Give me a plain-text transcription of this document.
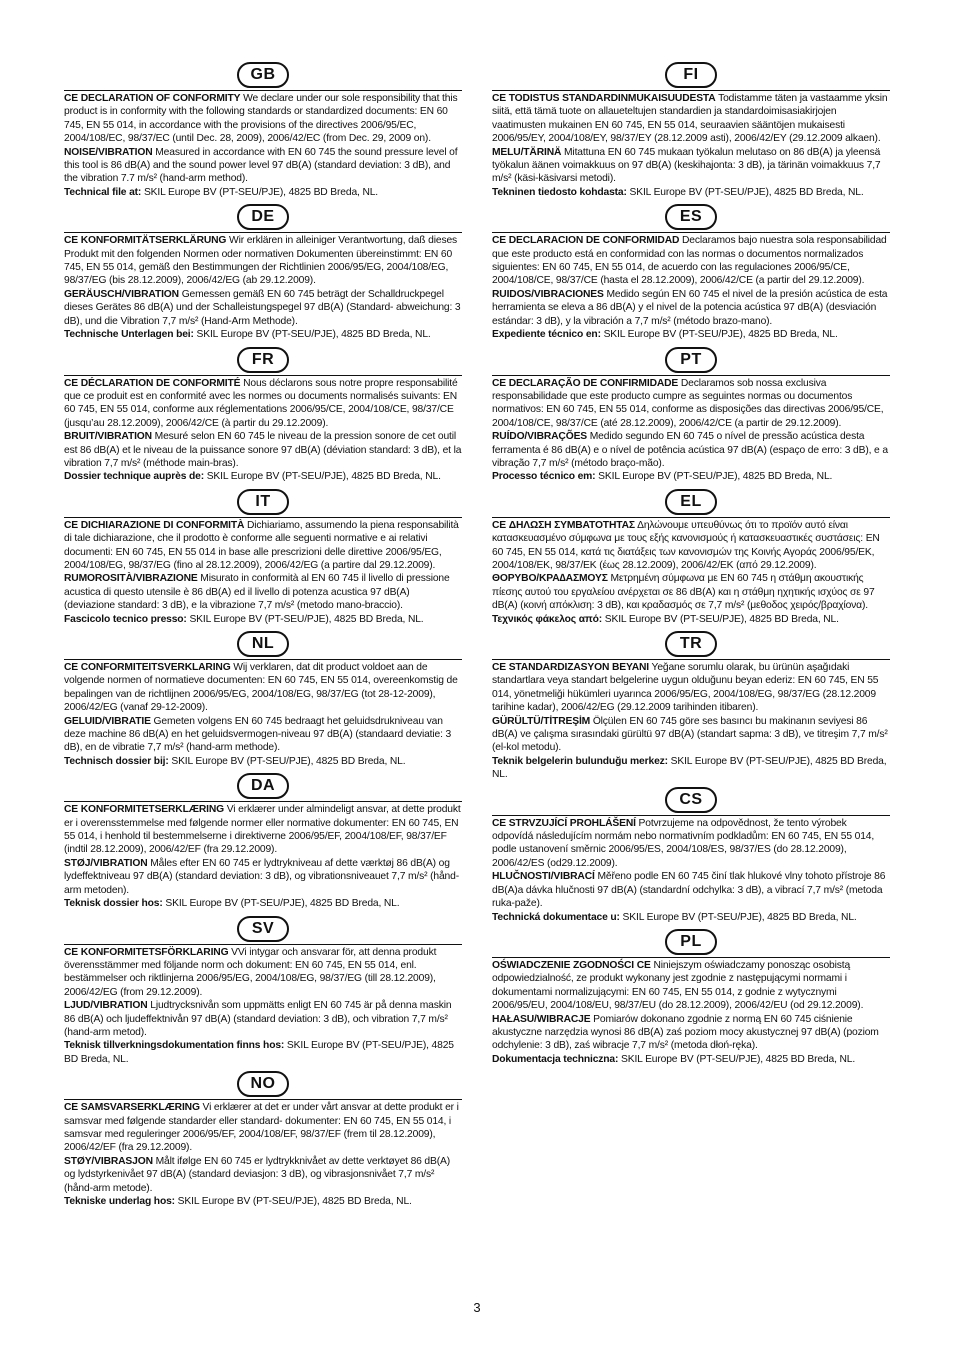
GB

CE DECLARATION OF CONFORMITY We declare under our sole responsibility that this product is in conformity with the following standards or standardized documents: EN 60 745, EN 55 014, in accordance with the provisions of the directives 2006/95/EC, 2004/108/EC, 98/37/EC (until Dec. 28, 2009), 2006/42/EC (from Dec. 29, 2009 on).
NOISE/VIBRATION Measured in accordance with EN 60 745 the sound pressure level of this tool is 86 dB(A) and the sound power level 97 dB(A) (standard deviation: 3 dB), and the vibration 7.7 m/s² (hand-arm method).
Technical file at: SKIL Europe BV (PT-SEU/PJE), 4825 BD Breda, NL.

DE

CE KONFORMITÄTSERKLÄRUNG Wir erklären in alleiniger Verantwortung, daß dieses Produkt mit den folgenden Normen oder normativen Dokumenten übereinstimmt: EN 60 745, EN 55 014, gemäß den Bestimmungen der Richtlinien 2006/95/EG, 2004/108/EG, 98/37/EG (bis 28.12.2009), 2006/42/EG (ab 29.12.2009).
GERÄUSCH/VIBRATION Gemessen gemäß EN 60 745 beträgt der Schalldruckpegel dieses Gerätes 86 dB(A) und der Schalleistungspegel 97 dB(A) (Standard- abweichung: 3 dB), und die Vibration 7,7 m/s² (Hand-Arm Methode).
Technische Unterlagen bei: SKIL Europe BV (PT-SEU/PJE), 4825 BD Breda, NL.

FR

CE DÉCLARATION DE CONFORMITÉ Nous déclarons sous notre propre responsabilité que ce produit est en conformité avec les normes ou documents normalisés suivants: EN 60 745, EN 55 014, conforme aux réglementations 2006/95/CE, 2004/108/CE, 98/37/CE (jusqu’au 28.12.2009), 2006/42/CE (à partir du 29.12.2009).
BRUIT/VIBRATION Mesuré selon EN 60 745 le niveau de la pression sonore de cet outil est 86 dB(A) et le niveau de la puissance sonore 97 dB(A) (déviation standard: 3 dB), et la vibration 7,7 m/s² (méthode main-bras).
Dossier technique auprès de: SKIL Europe BV (PT-SEU/PJE), 4825 BD Breda, NL.

IT

CE DICHIARAZIONE DI CONFORMITÀ Dichiariamo, assumendo la piena responsabilità di tale dichiarazione, che il prodotto è conforme alle seguenti normative e ai relativi documenti: EN 60 745, EN 55 014 in base alle prescrizioni delle direttive 2006/95/EG, 2004/108/EG, 98/37/EG (fino al 28.12.2009), 2006/42/EG (a partire dal 29.12.2009).
RUMOROSITÀ/VIBRAZIONE Misurato in conformità al EN 60 745 il livello di pressione acustica di questo utensile è 86 dB(A) ed il livello di potenza acustica 97 dB(A) (deviazione standard: 3 dB), e la vibrazione 7,7 m/s² (metodo mano-braccio).
Fascicolo tecnico presso: SKIL Europe BV (PT-SEU/PJE), 4825 BD Breda, NL.

NL

CE CONFORMITEITSVERKLARING Wij verklaren, dat dit product voldoet aan de volgende normen of normatieve documenten: EN 60 745, EN 55 014, overeenkomstig de bepalingen van de richtlijnen 2006/95/EG, 2004/108/EG, 98/37/EG (tot 28-12-2009), 2006/42/EG (vanaf 29-12-2009).
GELUID/VIBRATIE Gemeten volgens EN 60 745 bedraagt het geluidsdrukniveau van deze machine 86 dB(A) en het geluidsvermogen-niveau 97 dB(A) (standaard deviatie: 3 dB), en de vibratie 7,7 m/s² (hand-arm methode).
Technisch dossier bij: SKIL Europe BV (PT-SEU/PJE), 4825 BD Breda, NL.

DA

CE KONFORMITETSERKLÆRING Vi erklærer under almindeligt ansvar, at dette produkt er i overensstemmelse med følgende normer eller normative dokumenter: EN 60 745, EN 55 014, i henhold til bestemmelserne i direktiverne 2006/95/EF, 2004/108/EF, 98/37/EF (indtil 28.12.2009), 2006/42/EF (fra 29.12.2009).
STØJ/VIBRATION Måles efter EN 60 745 er lydtrykniveau af dette værktøj 86 dB(A) og lydeffektniveau 97 dB(A) (standard deviation: 3 dB), og vibrationsniveauet 7,7 m/s² (hånd-arm metoden).
Teknisk dossier hos: SKIL Europe BV (PT-SEU/PJE), 4825 BD Breda, NL.

SV

CE KONFORMITETSFÖRKLARING VVi intygar och ansvarar för, att denna produkt överensstämmer med följande norm och dokument: EN 60 745, EN 55 014, enl. bestämmelser och riktlinjerna 2006/95/EG, 2004/108/EG, 98/37/EG (till 28.12.2009), 2006/42/EG (from 29.12.2009).
LJUD/VIBRATION Ljudtrycksnivån som uppmätts enligt EN 60 745 är på denna maskin 86 dB(A) och ljudeffektnivån 97 dB(A) (standard deviation: 3 dB), och vibration 7,7 m/s² (hand-arm metod).
Teknisk tillverkningsdokumentation finns hos: SKIL Europe BV (PT-SEU/PJE), 4825 BD Breda, NL.

NO

CE SAMSVARSERKLÆRING Vi erklærer at det er under vårt ansvar at dette produkt er i samsvar med følgende standarder eller standard- dokumenter: EN 60 745, EN 55 014, i samsvar med reguleringer 2006/95/EF, 2004/108/EF, 98/37/EF (frem til 28.12.2009), 2006/42/EF (fra 29.12.2009).
STØY/VIBRASJON Målt ifølge EN 60 745 er lydtrykknivået av dette verktøyet 86 dB(A) og lydstyrkenivået 97 dB(A) (standard deviasjon: 3 dB), og vibrasjonsnivået 7,7 m/s² (hånd-arm metode).
Tekniske underlag hos: SKIL Europe BV (PT-SEU/PJE), 4825 BD Breda, NL.

FI

CE TODISTUS STANDARDINMUKAISUUDESTA Todistamme täten ja vastaamme yksin siitä, että tämä tuote on allaueteltujen standardien ja standardoimisasiakirjojen vaatimusten mukainen EN 60 745, EN 55 014, seuraavien sääntöjen mukaisesti 2006/95/EY, 2004/108/EY, 98/37/EY (28.12.2009 asti), 2006/42/EY (29.12.2009 alkaen).
MELU/TÄRINÄ Mitattuna EN 60 745 mukaan työkalun melutaso on 86 dB(A) ja yleensä työkalun äänen voimakkuus on 97 dB(A) (keskihajonta: 3 dB), ja tärinän voimakkuus 7,7 m/s² (käsi-käsivarsi metodi).
Tekninen tiedosto kohdasta: SKIL Europe BV (PT-SEU/PJE), 4825 BD Breda, NL.

ES

CE DECLARACION DE CONFORMIDAD Declaramos bajo nuestra sola responsabilidad que este producto está en conformidad con las normas o documentos normalizados siguientes: EN 60 745, EN 55 014, de acuerdo con las regulaciones 2006/95/CE, 2004/108/CE, 98/37/CE (hasta el 28.12.2009), 2006/42/CE (a partir del 29.12.2009).
RUIDOS/VIBRACIONES Medido según EN 60 745 el nivel de la presión acústica de esta herramienta se eleva a 86 dB(A) y el nivel de la potencia acústica 97 dB(A) (desviación estándar: 3 dB), y la vibración a 7,7 m/s² (método brazo-mano).
Expediente técnico en: SKIL Europe BV (PT-SEU/PJE), 4825 BD Breda, NL.

PT

CE DECLARAÇÃO DE CONFIRMIDADE Declaramos sob nossa exclusiva responsabilidade que este producto cumpre as seguintes normas ou documentos normativos: EN 60 745, EN 55 014, conforme as disposições das directivas 2006/95/CE, 2004/108/CE, 98/37/CE (até 28.12.2009), 2006/42/CE (a partir de 29.12.2009).
RUÍDO/VIBRAÇÕES Medido segundo EN 60 745 o nível de pressão acústica desta ferramenta é 86 dB(A) e o nível de potência acústica 97 dB(A) (espaço de erro: 3 dB), e a vibração 7,7 m/s² (método braço-mão).
Processo técnico em: SKIL Europe BV (PT-SEU/PJE), 4825 BD Breda, NL.

EL

CE ΔΗΛΩΣΗ ΣΥΜΒΑΤΟΤΗΤΑΣ Δηλώνουμε υπευθύνως ότι το προϊόν αυτό είναι κατασκευασμένο σύμφωνα με τους εξής κανονισμούς ή κατασκευαστικές συστάσεις: EN 60 745, EN 55 014, κατά τις διατάξεις των κανονισμών της Κοινής Αγοράς 2006/95/ΕΚ, 2004/108/ΕΚ, 98/37/ΕΚ (έως 28.12.2009), 2006/42/ΕΚ (από 29.12.2009).
ΘΟΡΥΒΟ/ΚΡΑ∆ΑΣΜΟΥΣ Μετρημένη σύμφωνα με EN 60 745 η στάθμη ακουστικής πίεσης αυτού του εργαλείου ανέρχεται σε 86 dB(A) και η στάθμη ηχητικής ισχύος σε 97 dB(A) (κοινή απόκλιση: 3 dB), και κραδασμός σε 7,7 m/s² (μεθοδος χειρός/βραχίονα).
Τεχνικός φάκελος από: SKIL Europe BV (PT-SEU/PJE), 4825 BD Breda, NL.

TR

CE STANDARDIZASYON BEYANI Yeğane sorumlu olarak, bu ürünün aşağıdaki standartlara veya standart belgelerine uygun olduğunu beyan ederiz: EN 60 745, EN 55 014, yönetmeliği hükümleri uyarınca 2006/95/EG, 2004/108/EG, 98/37/EG (28.12.2009 tarihine kadar), 2006/42/EG (29.12.2009 tarihinden itibaren).
GÜRÜLTÜ/TİTREŞİM Ölçülen EN 60 745 göre ses basıncı bu makinanın seviyesi 86 dB(A) ve çalışma sırasındaki gürültü 97 dB(A) (standart sapma: 3 dB), ve titreşim 7,7 m/s² (el-kol metodu).
Teknik belgelerin bulunduğu merkez: SKIL Europe BV (PT-SEU/PJE), 4825 BD Breda, NL.

CS

CE STRVZUJÍCÍ PROHLÁŠENÍ Potvrzujeme na odpovědnost, že tento výrobek odpovídá následujícím normám nebo normativním podkladům: EN 60 745, EN 55 014, podle ustanovení směrnic 2006/95/ES, 2004/108/ES, 98/37/ES (do 28.12.2009), 2006/42/ES (od29.12.2009).
HLUČNOSTI/VIBRACÍ Měřeno podle EN 60 745 činí tlak hlukové vlny tohoto přístroje 86 dB(A)a dávka hlučnosti 97 dB(A) (standardní odchylka: 3 dB), a vibrací 7,7 m/s² (metoda ruka-paže).
Technická dokumentace u: SKIL Europe BV (PT-SEU/PJE), 4825 BD Breda, NL.

PL

OŚWIADCZENIE ZGODNOŚCI CE Niniejszym oświadczamy ponosząc osobistą odpowiedzialność, ze produkt wykonany jest zgodnie z następującymi normami i dokumentami normalizującymi: EN 60 745, EN 55 014, z godnie z wytycznymi 2006/95/EU, 2004/108/EU, 98/37/EU (do 28.12.2009), 2006/42/EU (od 29.12.2009).
HAŁASU/WIBRACJE Pomiarów dokonano zgodnie z normą EN 60 745 ciśnienie akustyczne narzędzia wynosi 86 dB(A) zaś poziom mocy akustycznej 97 dB(A) (poziom odchylenie: 3 dB), zaś wibracje 7,7 m/s² (metoda dłoń-ręka).
Dokumentacja techniczna: SKIL Europe BV (PT-SEU/PJE), 4825 BD Breda, NL.

3
